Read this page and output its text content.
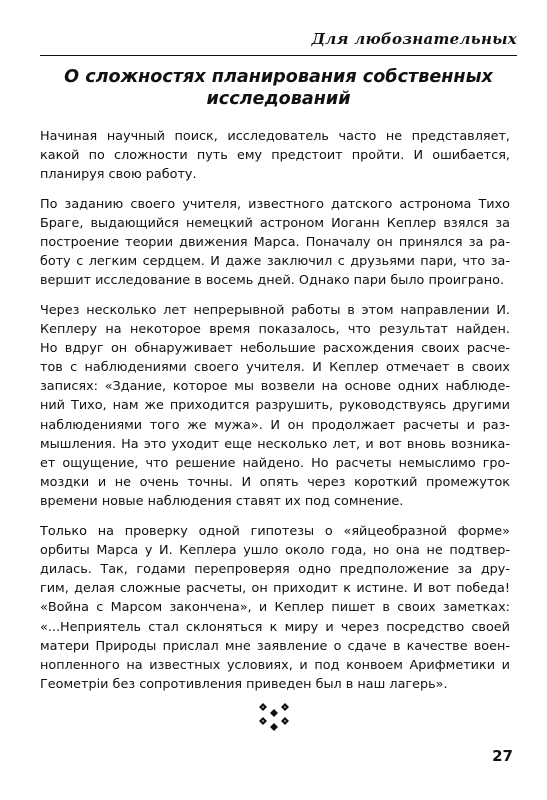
Для любознательных
О сложностях планирования собственных
исследований
Начиная научный поиск, исследователь часто не представляет,
какой по сложности путь ему предстоит пройти. И ошибается,
планируя свою работу.
По заданию своего учителя, известного датского астронома Тихо
Браге, выдающийся немецкий астроном Иоганн Кеплер взялся за
построение теории движения Марса. Поначалу он принялся за ра-
боту с легким сердцем. И даже заключил с друзьями пари, что за-
вершит исследование в восемь дней. Однако пари было проиграно.
Через несколько лет непрерывной работы в этом направлении И.
Кеплеру на некоторое время показалось, что результат найден.
Но вдруг он обнаруживает небольшие расхождения своих расче-
тов с наблюдениями своего учителя. И Кеплер отмечает в своих
записях: «Здание, которое мы возвели на основе одних наблюде-
ний Тихо, нам же приходится разрушить, руководствуясь другими
наблюдениями того же мужа». И он продолжает расчеты и раз-
мышления. На это уходит еще несколько лет, и вот вновь возника-
ет ощущение, что решение найдено. Но расчеты немыслимо гро-
моздки и не очень точны. И опять через короткий промежуток
времени новые наблюдения ставят их под сомнение.
Только на проверку одной гипотезы о «яйцеобразной форме»
орбиты Марса у И. Кеплера ушло около года, но она не подтвер-
дилась. Так, годами перепроверяя одно предположение за дру-
гим, делая сложные расчеты, он приходит к истине. И вот победа!
«Война с Марсом закончена», и Кеплер пишет в своих заметках:
«...Неприятель стал склоняться к миру и через посредство своей
матери Природы прислал мне заявление о сдаче в качестве воен-
нопленного на известных условиях, и под конвоем Арифметики и
Геометрiи без сопротивления приведен был в наш лагерь».
27
